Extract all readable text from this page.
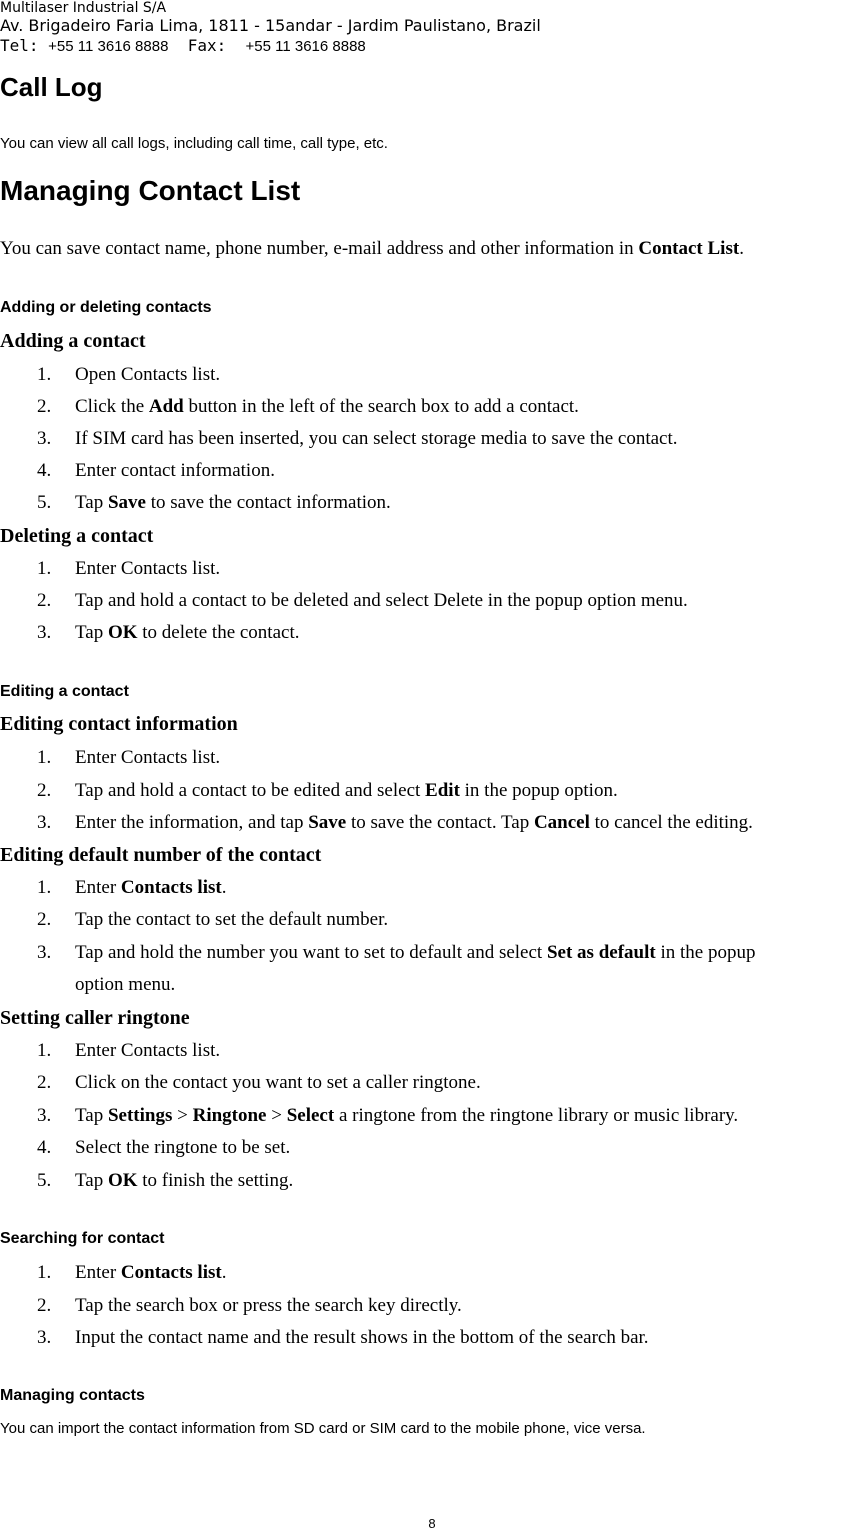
Multilaser Industrial S/A
Av. Brigadeiro Faria Lima, 1811 - 15andar - Jardim Paulistano, Brazil
Tel: +55 11 3616 8888 Fax: +55 11 3616 8888
Call Log
You can view all call logs, including call time, call type, etc.
Managing Contact List
You can save contact name, phone number, e-mail address and other information in Contact List.
Adding or deleting contacts
Adding a contact
1. Open Contacts list.
2. Click the Add button in the left of the search box to add a contact.
3. If SIM card has been inserted, you can select storage media to save the contact.
4. Enter contact information.
5. Tap Save to save the contact information.
Deleting a contact
1. Enter Contacts list.
2. Tap and hold a contact to be deleted and select Delete in the popup option menu.
3. Tap OK to delete the contact.
Editing a contact
Editing contact information
1. Enter Contacts list.
2. Tap and hold a contact to be edited and select Edit in the popup option.
3. Enter the information, and tap Save to save the contact. Tap Cancel to cancel the editing.
Editing default number of the contact
1. Enter Contacts list.
2. Tap the contact to set the default number.
3. Tap and hold the number you want to set to default and select Set as default in the popup
option menu.
Setting caller ringtone
1. Enter Contacts list.
2. Click on the contact you want to set a caller ringtone.
3. Tap Settings > Ringtone > Select a ringtone from the ringtone library or music library.
4. Select the ringtone to be set.
5. Tap OK to finish the setting.
Searching for contact
1. Enter Contacts list.
2. Tap the search box or press the search key directly.
3. Input the contact name and the result shows in the bottom of the search bar.
Managing contacts
You can import the contact information from SD card or SIM card to the mobile phone, vice versa.
8
